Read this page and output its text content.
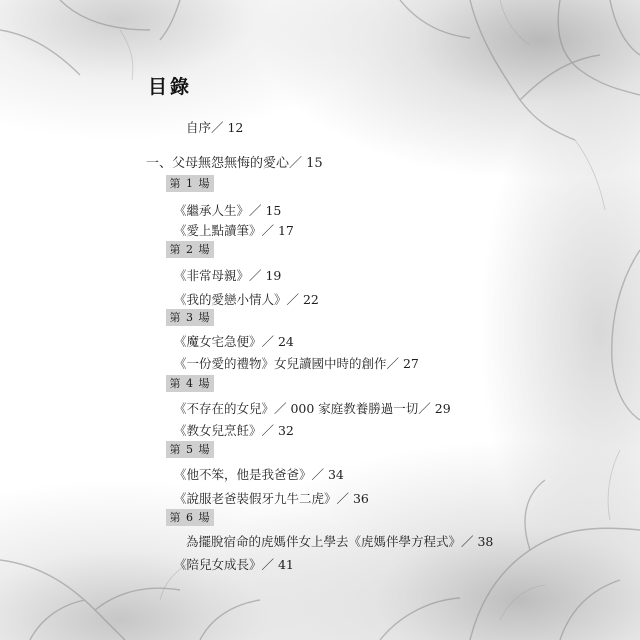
目錄
自序／ 12
一、父母無怨無悔的愛心／ 15
第 1 場
《繼承人生》／ 15
《愛上點讀筆》／ 17
第 2 場
《非常母親》／ 19
《我的愛戀小情人》／ 22
第 3 場
《魔女宅急便》／ 24
《一份愛的禮物》女兒讀國中時的創作／ 27
第 4 場
《不存在的女兒》／ 000 家庭教養勝過一切／ 29
《教女兒烹飪》／ 32
第 5 場
《他不笨，他是我爸爸》／ 34
《說服老爸裝假牙九牛二虎》／ 36
第 6 場
為擺脫宿命的虎媽伴女上學去《虎媽伴學方程式》／ 38
《陪兒女成長》／ 41
